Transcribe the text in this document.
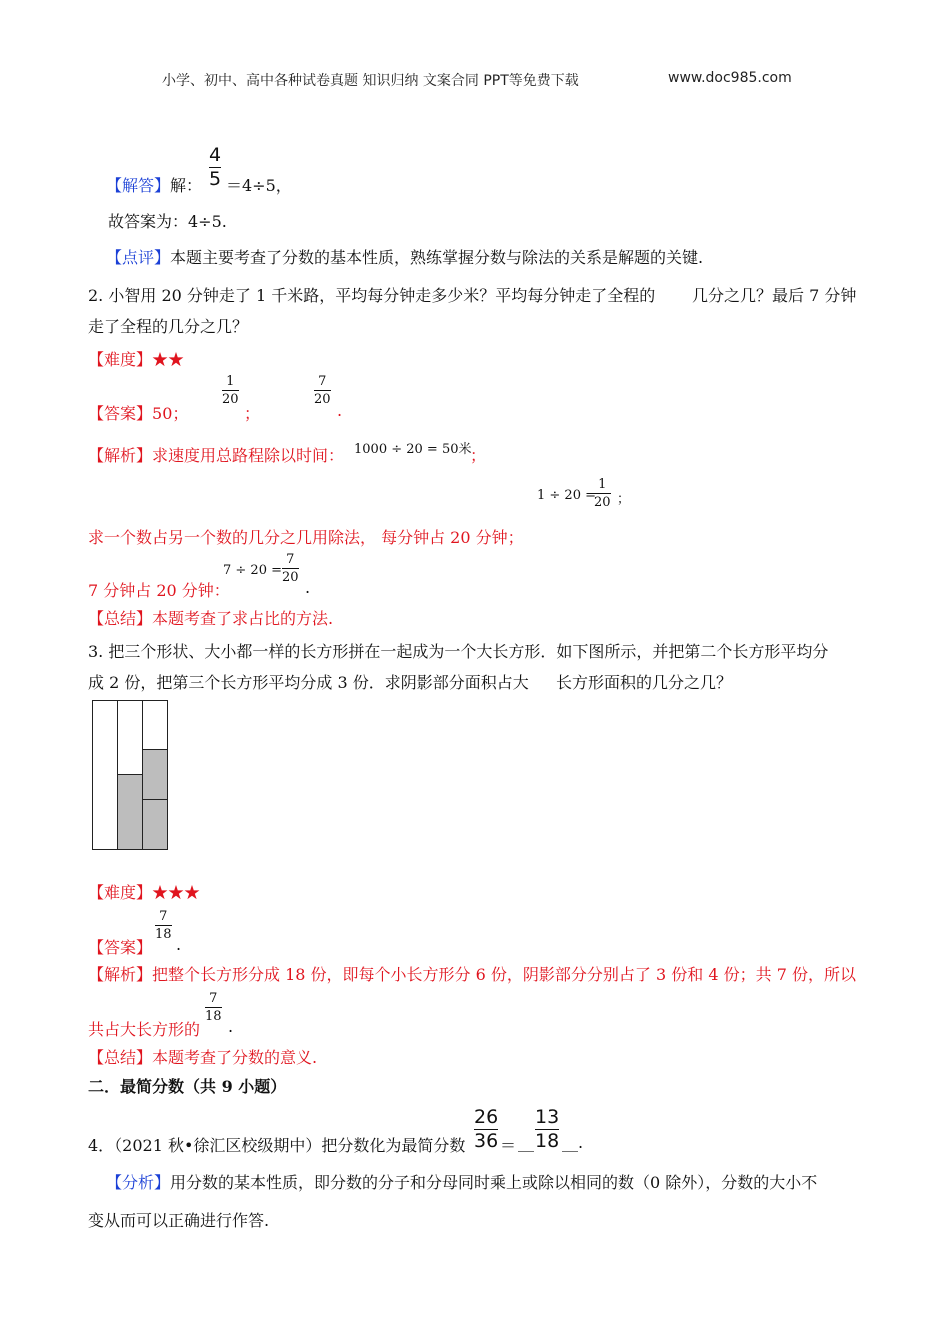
小学、初中、高中各种试卷真题 知识归纳 文案合同 PPT等免费下载	www.doc985.com
【解答】解：
4
5 ＝4÷5，
故答案为：4÷5.
【点评】本题主要考查了分数的基本性质，熟练掌握分数与除法的关系是解题的关键.
2. 小智用 20 分钟走了 1 千米路，平均每分钟走多少米？平均每分钟走了全程的 几分之几？最后 7 分钟
走了全程的几分之几？
【难度】★★
【答案】50；
1
20
；
7
20
.
【解析】求速度用总路程除以时间： 1000 ÷ 20 = 50米
；
1 ÷ 20 =
1
20 ；
求一个数占另一个数的几分之几用除法， 每分钟占 20 分钟；
7 分钟占 20 分钟：
7 ÷ 20 =
7
20
.
【总结】本题考查了求占比的方法.
3. 把三个形状、大小都一样的长方形拼在一起成为一个大长方形．如下图所示，并把第二个长方形平均分
成 2 份，把第三个长方形平均分成 3 份．求阴影部分面积占大 长方形面积的几分之几？
【难度】★★★
【答案】
7
18
.
【解析】把整个长方形分成 18 份，即每个小长方形分 6 份，阴影部分分别占了 3 份和 4 份；共 7 份，所以
共占大长方形的
7
18
.
【总结】本题考查了分数的意义.
二．最简分数（共 9 小题）
4．（2021 秋•徐汇区校级期中）把分数化为最简分数
26
36 ＝ __
13
18 __.
【分析】用分数的某本性质，即分数的分子和分母同时乘上或除以相同的数（0 除外），分数的大小不
变从而可以正确进行作答.
